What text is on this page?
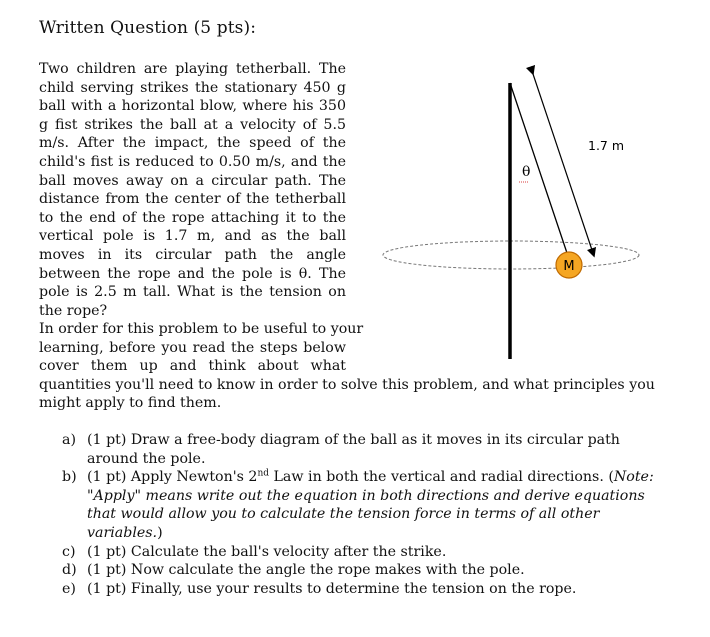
Written Question (5 pts):
Two children are playing tetherball. The child serving strikes the stationary 450 g ball with a horizontal blow, where his 350 g fist strikes the ball at a velocity of 5.5 m/s. After the impact, the speed of the child's fist is reduced to 0.50 m/s, and the ball moves away on a circular path. The distance from the center of the tetherball to the end of the rope attaching it to the vertical pole is 1.7 m, and as the ball moves in its circular path the angle between the rope and the pole is θ. The pole is 2.5 m tall. What is the tension on the rope?
In order for this problem to be useful to your
learning, before you read the steps below
cover them up and think about what
quantities you'll need to know in order to solve this problem, and what principles you
might apply to find them.
a) (1 pt) Draw a free-body diagram of the ball as it moves in its circular path around the pole.
b) (1 pt) Apply Newton's 2nd Law in both the vertical and radial directions. (Note: "Apply" means write out the equation in both directions and derive equations that would allow you to calculate the tension force in terms of all other variables.)
c) (1 pt) Calculate the ball's velocity after the strike.
d) (1 pt) Now calculate the angle the rope makes with the pole.
e) (1 pt) Finally, use your results to determine the tension on the rope.
θ
1.7 m
M
